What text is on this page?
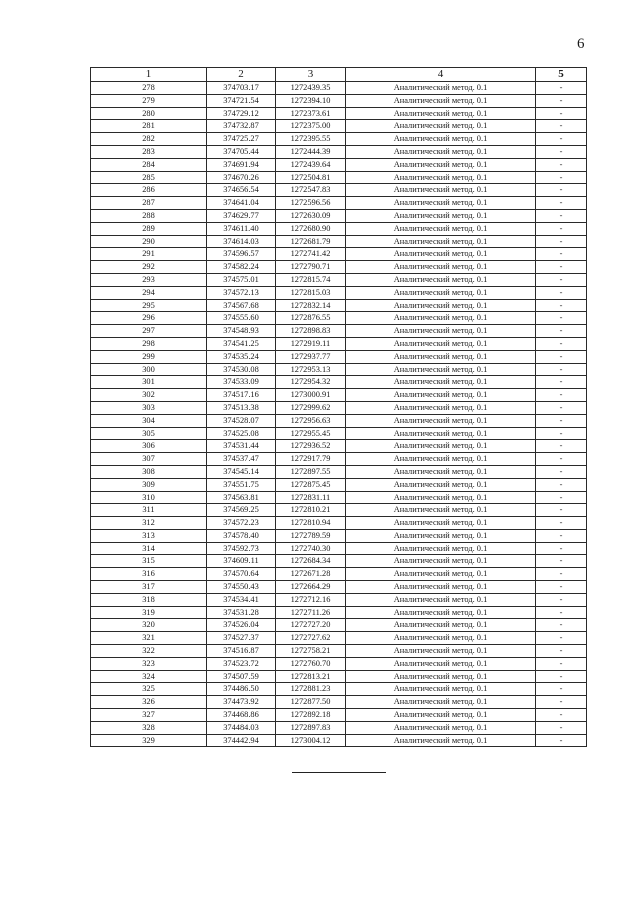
6
1	2	3	4	5
278	374703.17	1272439.35	Аналитический метод. 0.1	-
279	374721.54	1272394.10	Аналитический метод. 0.1	-
280	374729.12	1272373.61	Аналитический метод. 0.1	-
281	374732.87	1272375.00	Аналитический метод. 0.1	-
282	374725.27	1272395.55	Аналитический метод. 0.1	-
283	374705.44	1272444.39	Аналитический метод. 0.1	-
284	374691.94	1272439.64	Аналитический метод. 0.1	-
285	374670.26	1272504.81	Аналитический метод. 0.1	-
286	374656.54	1272547.83	Аналитический метод. 0.1	-
287	374641.04	1272596.56	Аналитический метод. 0.1	-
288	374629.77	1272630.09	Аналитический метод. 0.1	-
289	374611.40	1272680.90	Аналитический метод. 0.1	-
290	374614.03	1272681.79	Аналитический метод. 0.1	-
291	374596.57	1272741.42	Аналитический метод. 0.1	-
292	374582.24	1272790.71	Аналитический метод. 0.1	-
293	374575.01	1272815.74	Аналитический метод. 0.1	-
294	374572.13	1272815.03	Аналитический метод. 0.1	-
295	374567.68	1272832.14	Аналитический метод. 0.1	-
296	374555.60	1272876.55	Аналитический метод. 0.1	-
297	374548.93	1272898.83	Аналитический метод. 0.1	-
298	374541.25	1272919.11	Аналитический метод. 0.1	-
299	374535.24	1272937.77	Аналитический метод. 0.1	-
300	374530.08	1272953.13	Аналитический метод. 0.1	-
301	374533.09	1272954.32	Аналитический метод. 0.1	-
302	374517.16	1273000.91	Аналитический метод. 0.1	-
303	374513.38	1272999.62	Аналитический метод. 0.1	-
304	374528.07	1272956.63	Аналитический метод. 0.1	-
305	374525.08	1272955.45	Аналитический метод. 0.1	-
306	374531.44	1272936.52	Аналитический метод. 0.1	-
307	374537.47	1272917.79	Аналитический метод. 0.1	-
308	374545.14	1272897.55	Аналитический метод. 0.1	-
309	374551.75	1272875.45	Аналитический метод. 0.1	-
310	374563.81	1272831.11	Аналитический метод. 0.1	-
311	374569.25	1272810.21	Аналитический метод. 0.1	-
312	374572.23	1272810.94	Аналитический метод. 0.1	-
313	374578.40	1272789.59	Аналитический метод. 0.1	-
314	374592.73	1272740.30	Аналитический метод. 0.1	-
315	374609.11	1272684.34	Аналитический метод. 0.1	-
316	374570.64	1272671.28	Аналитический метод. 0.1	-
317	374550.43	1272664.29	Аналитический метод. 0.1	-
318	374534.41	1272712.16	Аналитический метод. 0.1	-
319	374531.28	1272711.26	Аналитический метод. 0.1	-
320	374526.04	1272727.20	Аналитический метод. 0.1	-
321	374527.37	1272727.62	Аналитический метод. 0.1	-
322	374516.87	1272758.21	Аналитический метод. 0.1	-
323	374523.72	1272760.70	Аналитический метод. 0.1	-
324	374507.59	1272813.21	Аналитический метод. 0.1	-
325	374486.50	1272881.23	Аналитический метод. 0.1	-
326	374473.92	1272877.50	Аналитический метод. 0.1	-
327	374468.86	1272892.18	Аналитический метод. 0.1	-
328	374484.03	1272897.83	Аналитический метод. 0.1	-
329	374442.94	1273004.12	Аналитический метод. 0.1	-
